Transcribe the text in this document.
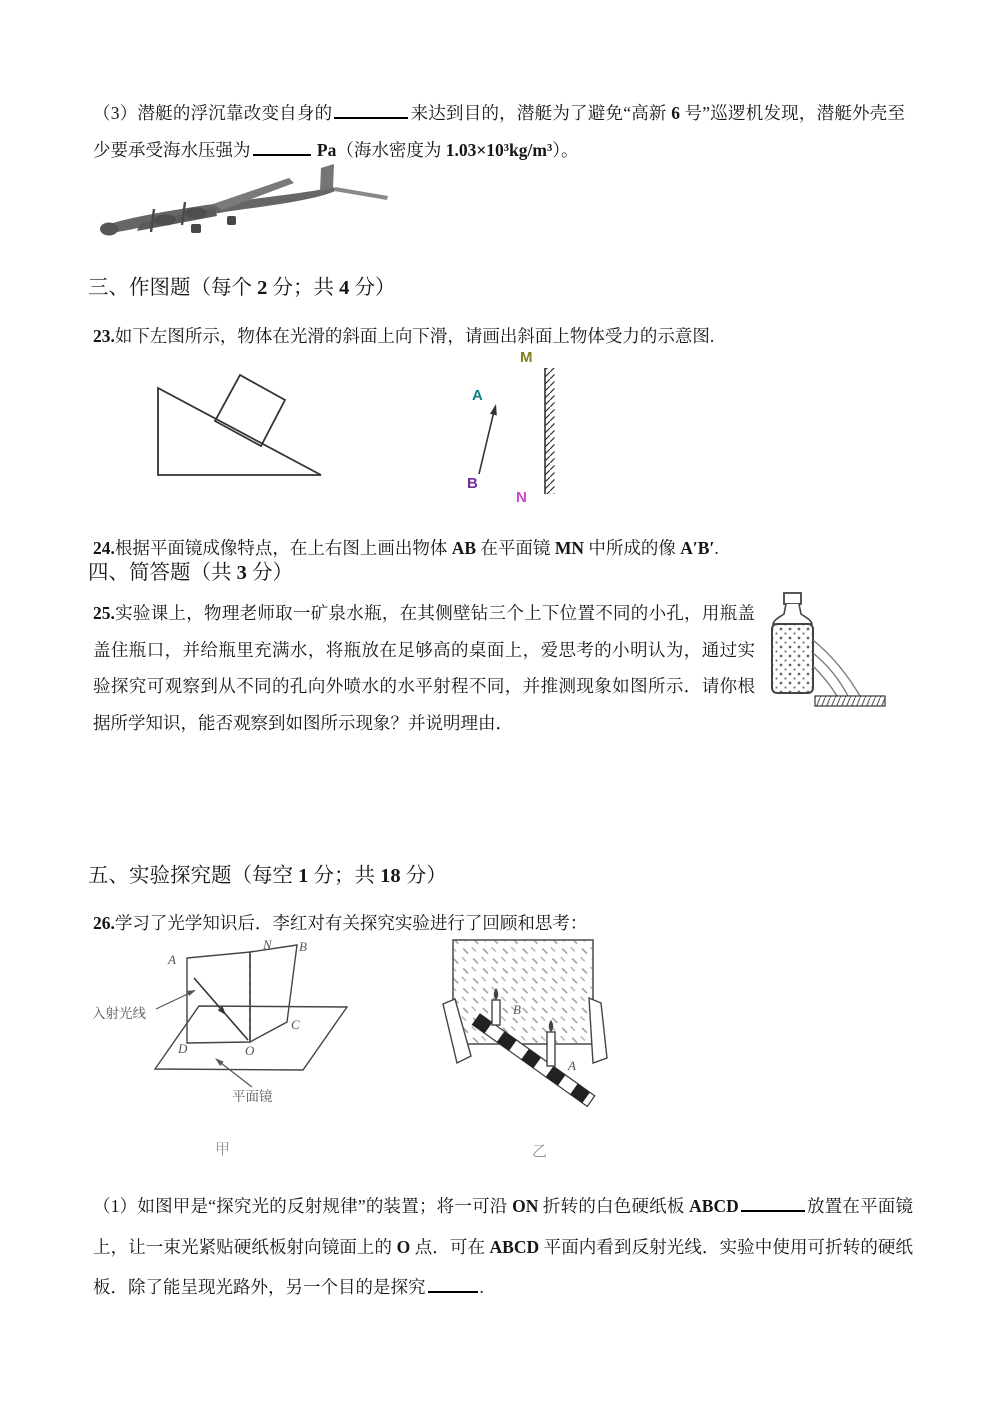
（3）潜艇的浮沉靠改变自身的	来达到目的，潜艇为了避免“高新 6 号”巡逻机发现，潜艇外壳至少要承受海水压强为	Pa（海水密度为 1.03×10³kg/m³）。

三、作图题（每个 2 分；共 4 分）

23.如下左图所示，物体在光滑的斜面上向下滑，请画出斜面上物体受力的示意图.

M
N
A
B

24.根据平面镜成像特点，在上右图上画出物体 AB 在平面镜 MN 中所成的像 A′B′.

四、简答题（共 3 分）

25.实验课上，物理老师取一矿泉水瓶，在其侧壁钻三个上下位置不同的小孔，用瓶盖盖住瓶口，并给瓶里充满水，将瓶放在足够高的桌面上，爱思考的小明认为，通过实验探究可观察到从不同的孔向外喷水的水平射程不同，并推测现象如图所示．请你根据所学知识，能否观察到如图所示现象？并说明理由．

五、实验探究题（每空 1 分；共 18 分）

26.学习了光学知识后．李红对有关探究实验进行了回顾和思考：

入射光线
平面镜
A
N B
C
D	O
B
A
甲	乙

（1）如图甲是“探究光的反射规律”的装置；将一可沿 ON 折转的白色硬纸板 ABCD	放置在平面镜上，让一束光紧贴硬纸板射向镜面上的 O 点．可在 ABCD 平面内看到反射光线．实验中使用可折转的硬纸板．除了能呈现光路外，另一个目的是探究	.
